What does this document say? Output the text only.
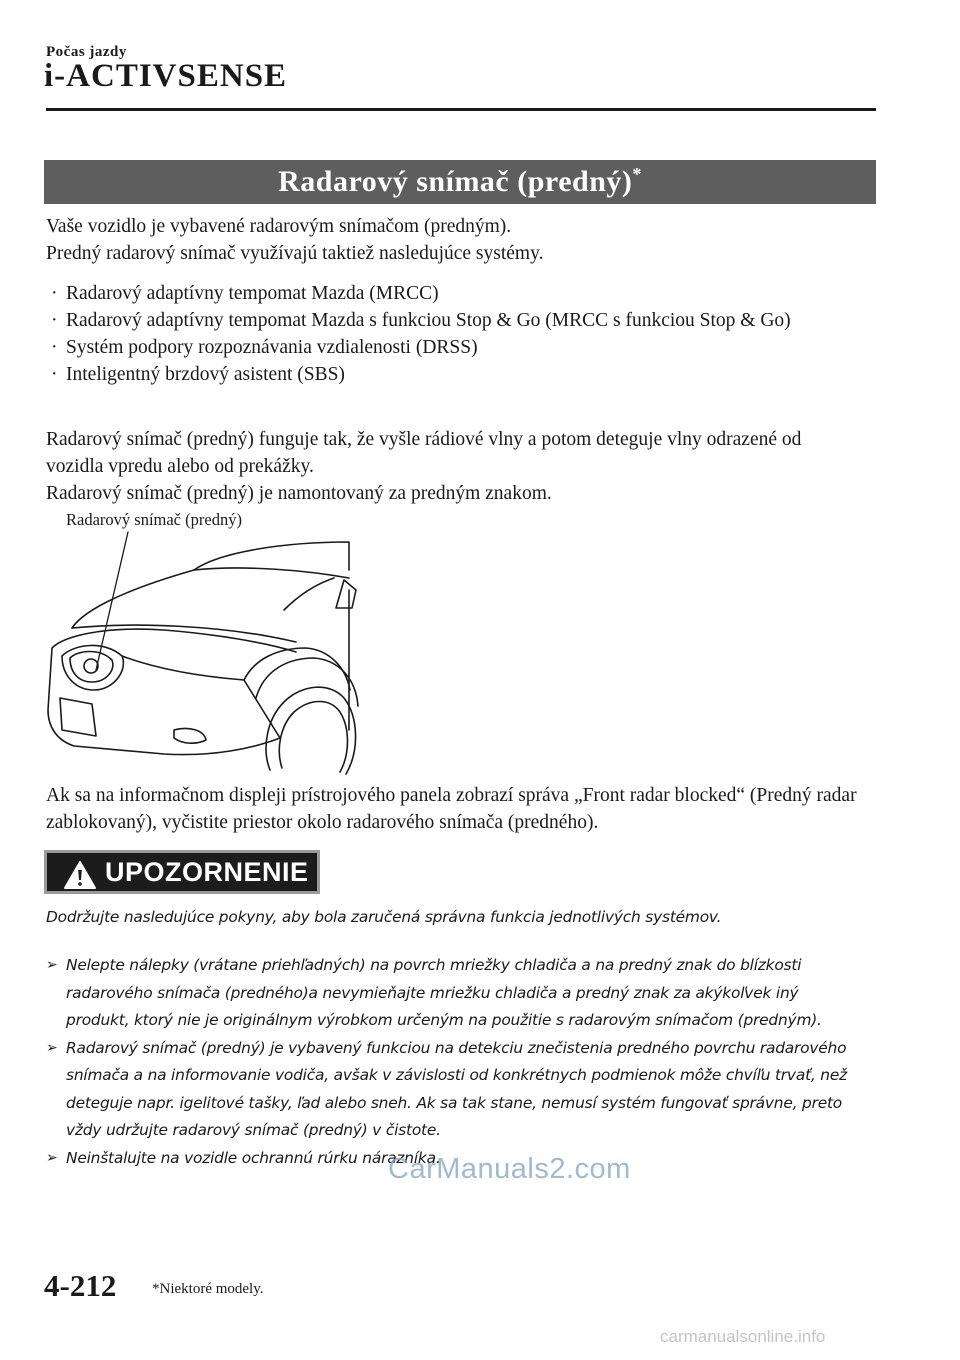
Počas jazdy
i-ACTIVSENSE
Radarový snímač (predný)*
Vaše vozidlo je vybavené radarovým snímačom (predným).
Predný radarový snímač využívajú taktiež nasledujúce systémy.
· Radarový adaptívny tempomat Mazda (MRCC)
· Radarový adaptívny tempomat Mazda s funkciou Stop & Go (MRCC s funkciou Stop & Go)
· Systém podpory rozpoznávania vzdialenosti (DRSS)
· Inteligentný brzdový asistent (SBS)
Radarový snímač (predný) funguje tak, že vyšle rádiové vlny a potom deteguje vlny odrazené od vozidla vpredu alebo od prekážky.
Radarový snímač (predný) je namontovaný za predným znakom.
Radarový snímač (predný)
Ak sa na informačnom displeji prístrojového panela zobrazí správa „Front radar blocked“ (Predný radar zablokovaný), vyčistite priestor okolo radarového snímača (predného).
UPOZORNENIE
Dodržujte nasledujúce pokyny, aby bola zaručená správna funkcia jednotlivých systémov.
➢ Nelepte nálepky (vrátane priehľadných) na povrch mriežky chladiča a na predný znak do blízkosti radarového snímača (predného)a nevymieňajte mriežku chladiča a predný znak za akýkoľvek iný produkt, ktorý nie je originálnym výrobkom určeným na použitie s radarovým snímačom (predným).
➢ Radarový snímač (predný) je vybavený funkciou na detekciu znečistenia predného povrchu radarového snímača a na informovanie vodiča, avšak v závislosti od konkrétnych podmienok môže chvíľu trvať, než deteguje napr. igelitové tašky, ľad alebo sneh. Ak sa tak stane, nemusí systém fungovať správne, preto vždy udržujte radarový snímač (predný) v čistote.
➢ Neinštalujte na vozidle ochrannú rúrku nárazníka.
CarManuals2.com
4-212 *Niektoré modely.
carmanualsonline.info
